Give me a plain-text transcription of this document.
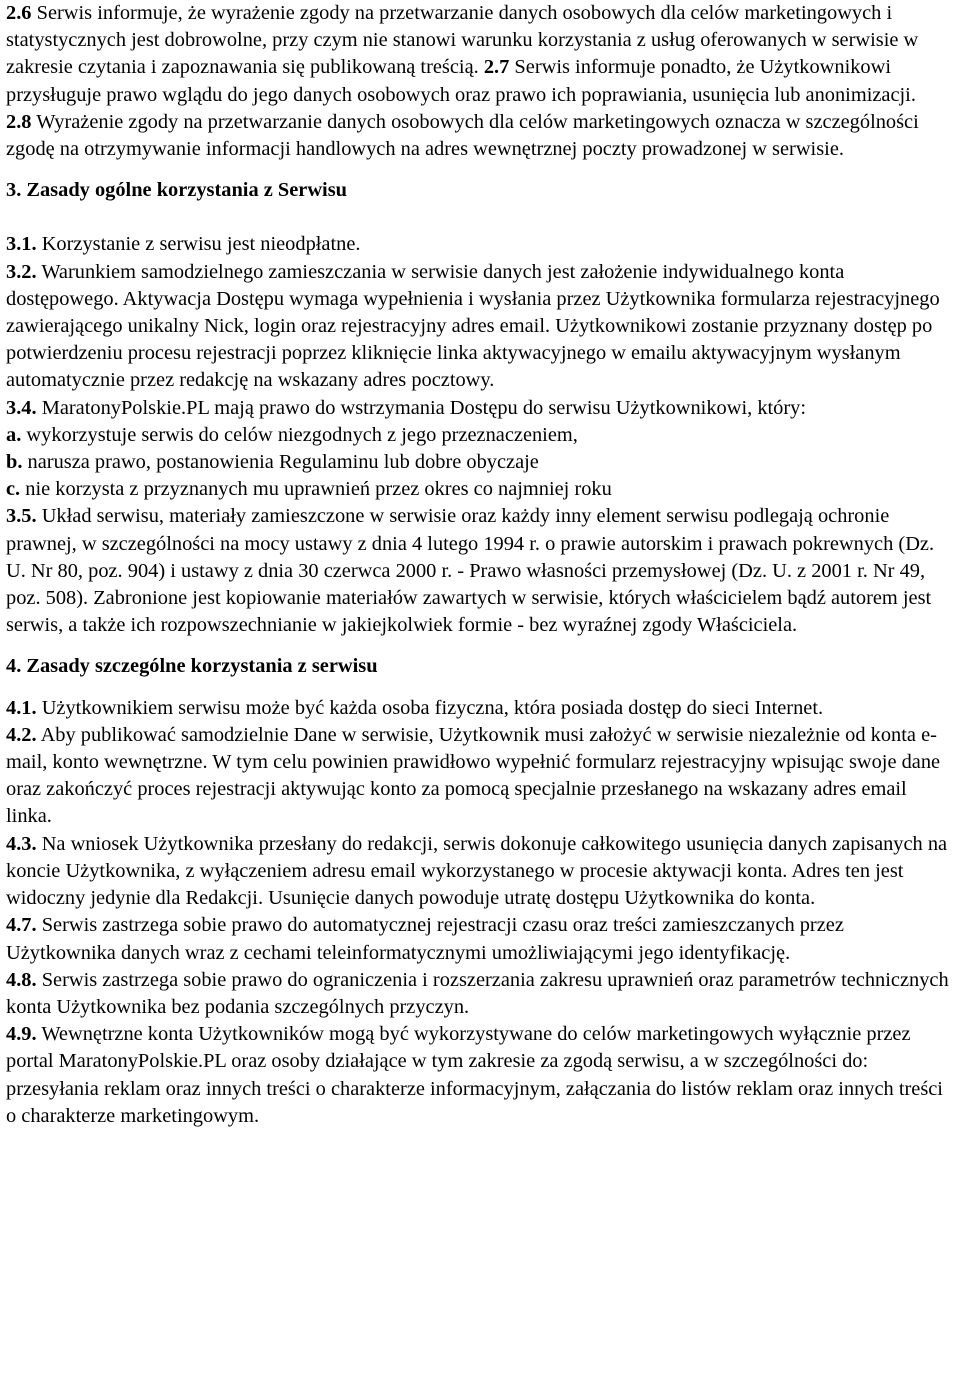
2.6 Serwis informuje, że wyrażenie zgody na przetwarzanie danych osobowych dla celów marketingowych i statystycznych jest dobrowolne, przy czym nie stanowi warunku korzystania z usług oferowanych w serwisie w zakresie czytania i zapoznawania się publikowaną treścią. 2.7 Serwis informuje ponadto, że Użytkownikowi przysługuje prawo wglądu do jego danych osobowych oraz prawo ich poprawiania, usunięcia lub anonimizacji.

2.8 Wyrażenie zgody na przetwarzanie danych osobowych dla celów marketingowych oznacza w szczególności zgodę na otrzymywanie informacji handlowych na adres wewnętrznej poczty prowadzonej w serwisie.

3. Zasady ogólne korzystania z Serwisu

3.1. Korzystanie z serwisu jest nieodpłatne.

3.2. Warunkiem samodzielnego zamieszczania w serwisie danych jest założenie indywidualnego konta dostępowego. Aktywacja Dostępu wymaga wypełnienia i wysłania przez Użytkownika formularza rejestracyjnego zawierającego unikalny Nick, login oraz rejestracyjny adres email. Użytkownikowi zostanie przyznany dostęp po potwierdzeniu procesu rejestracji poprzez kliknięcie linka aktywacyjnego w emailu aktywacyjnym wysłanym automatycznie przez redakcję na wskazany adres pocztowy.

3.4. MaratonyPolskie.PL mają prawo do wstrzymania Dostępu do serwisu Użytkownikowi, który:

a. wykorzystuje serwis do celów niezgodnych z jego przeznaczeniem,

b. narusza prawo, postanowienia Regulaminu lub dobre obyczaje

c. nie korzysta z przyznanych mu uprawnień przez okres co najmniej roku

3.5. Układ serwisu, materiały zamieszczone w serwisie oraz każdy inny element serwisu podlegają ochronie prawnej, w szczególności na mocy ustawy z dnia 4 lutego 1994 r. o prawie autorskim i prawach pokrewnych (Dz. U. Nr 80, poz. 904) i ustawy z dnia 30 czerwca 2000 r. - Prawo własności przemysłowej (Dz. U. z 2001 r. Nr 49, poz. 508). Zabronione jest kopiowanie materiałów zawartych w serwisie, których właścicielem bądź autorem jest serwis, a także ich rozpowszechnianie w jakiejkolwiek formie - bez wyraźnej zgody Właściciela.

4. Zasady szczególne korzystania z serwisu

4.1. Użytkownikiem serwisu może być każda osoba fizyczna, która posiada dostęp do sieci Internet.

4.2. Aby publikować samodzielnie Dane w serwisie, Użytkownik musi założyć w serwisie niezależnie od konta e-mail, konto wewnętrzne. W tym celu powinien prawidłowo wypełnić formularz rejestracyjny wpisując swoje dane oraz zakończyć proces rejestracji aktywując konto za pomocą specjalnie przesłanego na wskazany adres email linka.

4.3. Na wniosek Użytkownika przesłany do redakcji, serwis dokonuje całkowitego usunięcia danych zapisanych na koncie Użytkownika, z wyłączeniem adresu email wykorzystanego w procesie aktywacji konta. Adres ten jest widoczny jedynie dla Redakcji. Usunięcie danych powoduje utratę dostępu Użytkownika do konta.

4.7. Serwis zastrzega sobie prawo do automatycznej rejestracji czasu oraz treści zamieszczanych przez Użytkownika danych wraz z cechami teleinformatycznymi umożliwiającymi jego identyfikację.

4.8. Serwis zastrzega sobie prawo do ograniczenia i rozszerzania zakresu uprawnień oraz parametrów technicznych konta Użytkownika bez podania szczególnych przyczyn.

4.9. Wewnętrzne konta Użytkowników mogą być wykorzystywane do celów marketingowych wyłącznie przez portal MaratonyPolskie.PL oraz osoby działające w tym zakresie za zgodą serwisu, a w szczególności do: przesyłania reklam oraz innych treści o charakterze informacyjnym, załączania do listów reklam oraz innych treści o charakterze marketingowym.
